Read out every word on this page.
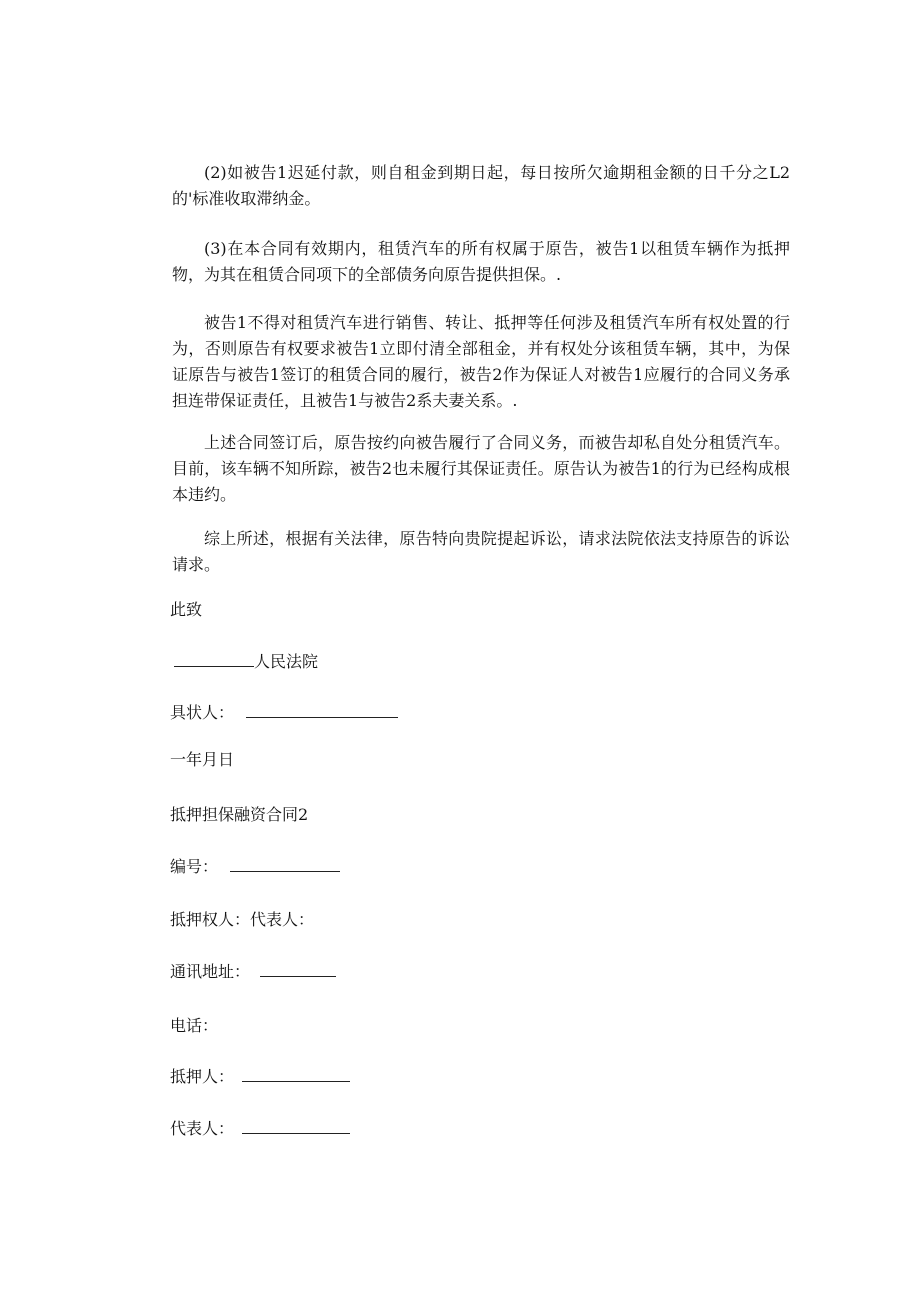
(2)如被告1迟延付款，则自租金到期日起，每日按所欠逾期租金额的日千分之L2的'标准收取滞纳金。

(3)在本合同有效期内，租赁汽车的所有权属于原告，被告1以租赁车辆作为抵押物，为其在租赁合同项下的全部债务向原告提供担保。.

被告1不得对租赁汽车进行销售、转让、抵押等任何涉及租赁汽车所有权处置的行为，否则原告有权要求被告1立即付清全部租金，并有权处分该租赁车辆，其中，为保证原告与被告1签订的租赁合同的履行，被告2作为保证人对被告1应履行的合同义务承担连带保证责任，且被告1与被告2系夫妻关系。.

上述合同签订后，原告按约向被告履行了合同义务，而被告却私自处分租赁汽车。目前，该车辆不知所踪，被告2也未履行其保证责任。原告认为被告1的行为已经构成根本违约。

综上所述，根据有关法律，原告特向贵院提起诉讼，请求法院依法支持原告的诉讼请求。

此致

人民法院

具状人：

一年月日

抵押担保融资合同2

编号：

抵押权人：代表人：

通讯地址：

电话：

抵押人：

代表人：
